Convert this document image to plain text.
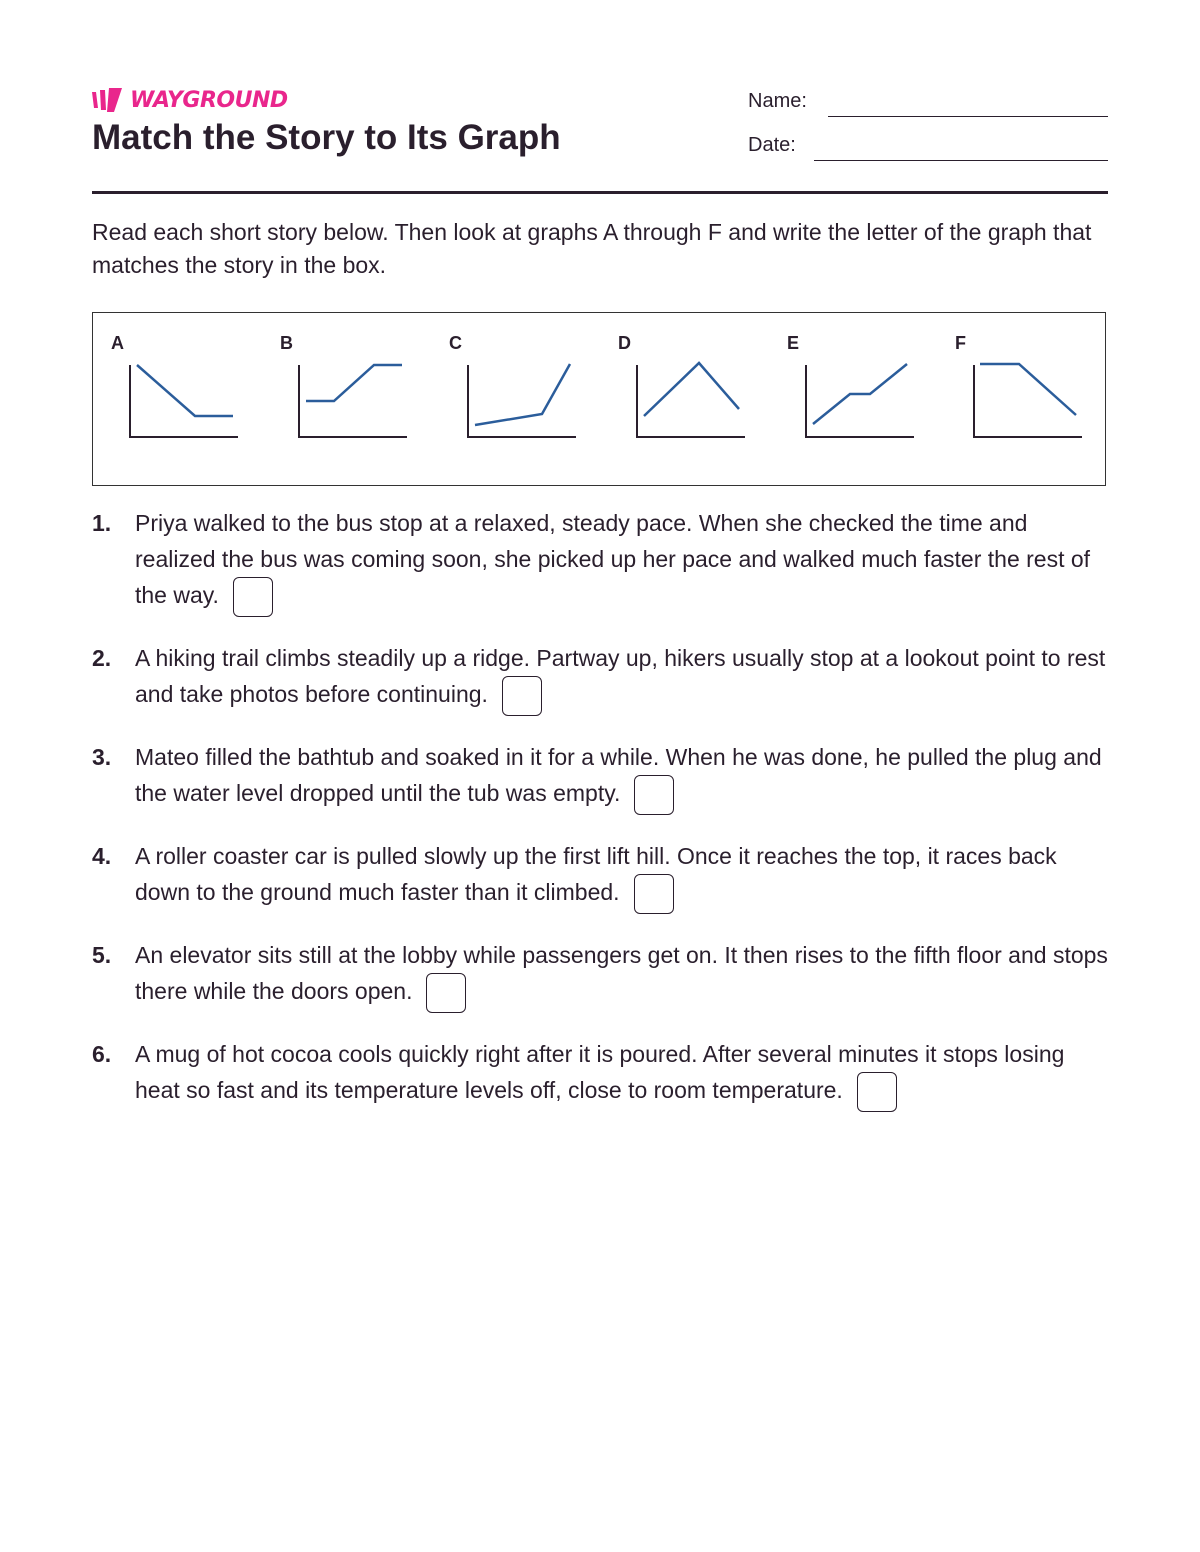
WAYGROUND
Match the Story to Its Graph
Name:
Date:
Read each short story below. Then look at graphs A through F and write the letter of the graph that matches the story in the box.
A	B	C	D	E	F
1. Priya walked to the bus stop at a relaxed, steady pace. When she checked the time and realized the bus was coming soon, she picked up her pace and walked much faster the rest of the way.
2. A hiking trail climbs steadily up a ridge. Partway up, hikers usually stop at a lookout point to rest and take photos before continuing.
3. Mateo filled the bathtub and soaked in it for a while. When he was done, he pulled the plug and the water level dropped until the tub was empty.
4. A roller coaster car is pulled slowly up the first lift hill. Once it reaches the top, it races back down to the ground much faster than it climbed.
5. An elevator sits still at the lobby while passengers get on. It then rises to the fifth floor and stops there while the doors open.
6. A mug of hot cocoa cools quickly right after it is poured. After several minutes it stops losing heat so fast and its temperature levels off, close to room temperature.
